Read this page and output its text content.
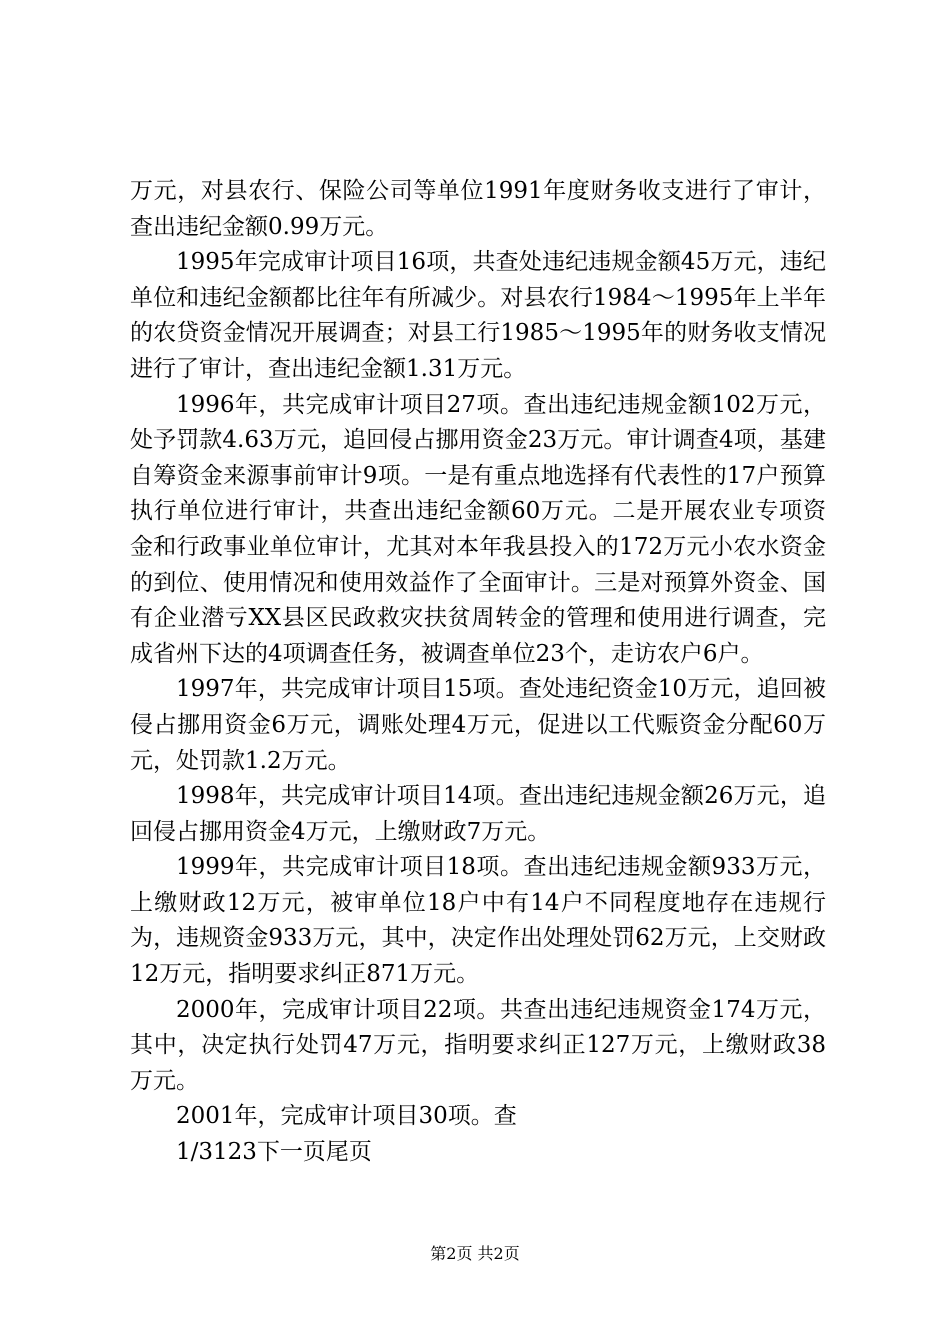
万元，对县农行、保险公司等单位1991年度财务收支进行了审计，查出违纪金额0.99万元。

1995年完成审计项目16项，共查处违纪违规金额45万元，违纪单位和违纪金额都比往年有所减少。对县农行1984～1995年上半年的农贷资金情况开展调查；对县工行1985～1995年的财务收支情况进行了审计，查出违纪金额1.31万元。

1996年，共完成审计项目27项。查出违纪违规金额102万元，处予罚款4.63万元，追回侵占挪用资金23万元。审计调查4项，基建自筹资金来源事前审计9项。一是有重点地选择有代表性的17户预算执行单位进行审计，共查出违纪金额60万元。二是开展农业专项资金和行政事业单位审计，尤其对本年我县投入的172万元小农水资金的到位、使用情况和使用效益作了全面审计。三是对预算外资金、国有企业潜亏XX县区民政救灾扶贫周转金的管理和使用进行调查，完成省州下达的4项调查任务，被调查单位23个，走访农户6户。

1997年，共完成审计项目15项。查处违纪资金10万元，追回被侵占挪用资金6万元，调账处理4万元，促进以工代赈资金分配60万元，处罚款1.2万元。

1998年，共完成审计项目14项。查出违纪违规金额26万元，追回侵占挪用资金4万元，上缴财政7万元。

1999年，共完成审计项目18项。查出违纪违规金额933万元，上缴财政12万元，被审单位18户中有14户不同程度地存在违规行为，违规资金933万元，其中，决定作出处理处罚62万元，上交财政12万元，指明要求纠正871万元。

2000年，完成审计项目22项。共查出违纪违规资金174万元，其中，决定执行处罚47万元，指明要求纠正127万元，上缴财政38万元。

2001年，完成审计项目30项。查

1/3123下一页尾页

第2页 共2页
